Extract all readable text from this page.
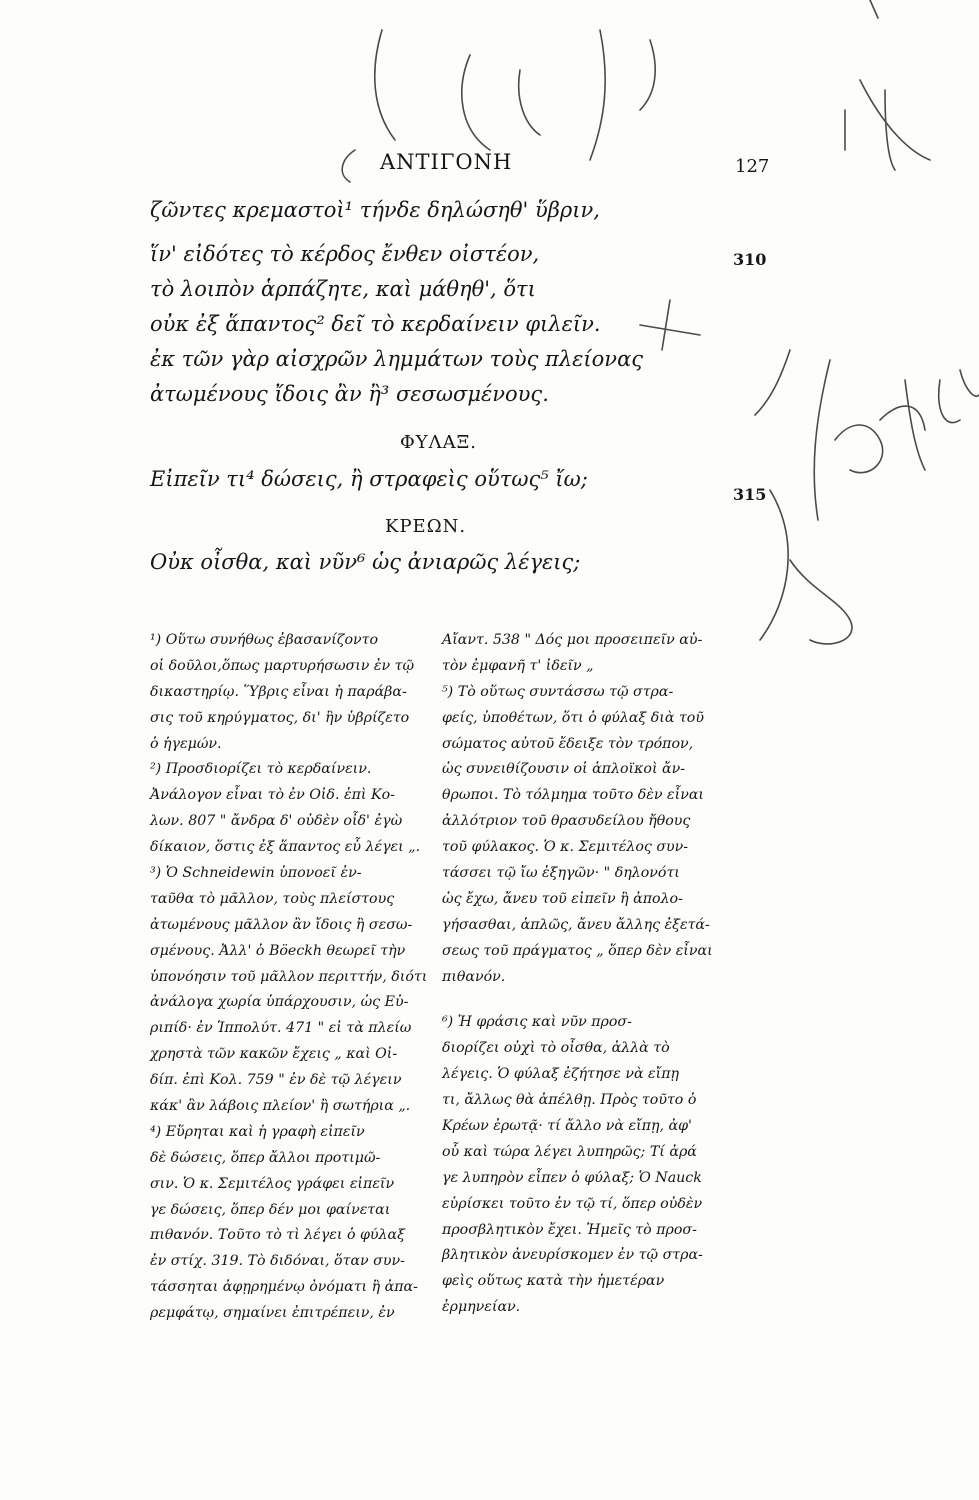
ΑΝΤΙΓΟΝΗ	127
ζῶντες κρεμαστοὶ¹ τήνδε δηλώσηθ' ὕβριν,
ἵν' εἰδότες τὸ κέρδος ἔνθεν οἰστέον,	310
τὸ λοιπὸν ἁρπάζητε, καὶ μάθηθ', ὅτι
οὐκ ἐξ ἅπαντος² δεῖ τὸ κερδαίνειν φιλεῖν.
ἐκ τῶν γὰρ αἰσχρῶν λημμάτων τοὺς πλείονας
ἀτωμένους ἴδοις ἂν ἢ³ σεσωσμένους.
ΦΥΛΑΞ.
Εἰπεῖν τι⁴ δώσεις, ἢ στραφεὶς οὕτως⁵ ἴω;
315
ΚΡΕΩΝ.
Οὐκ οἶσθα, καὶ νῦν⁶ ὡς ἀνιαρῶς λέγεις;
¹) Οὕτω συνήθως ἐβασανίζοντο
οἱ δοῦλοι,ὅπως μαρτυρήσωσιν ἐν τῷ
δικαστηρίῳ. Ὕβρις εἶναι ἡ παράβα-
σις τοῦ κηρύγματος, δι' ἣν ὑβρίζετο
ὁ ἡγεμών.
²) Προσδιορίζει τὸ κερδαίνειν.
Ἀνάλογον εἶναι τὸ ἐν Οἰδ. ἐπὶ Κο-
λων. 807 " ἄνδρα δ' οὐδὲν οἶδ' ἐγὼ
δίκαιον, ὅστις ἐξ ἅπαντος εὖ λέγει „.
³) Ὁ Schneidewin ὑπονοεῖ ἐν-
ταῦθα τὸ μᾶλλον, τοὺς πλείστους
ἀτωμένους μᾶλλον ἂν ἴδοις ἢ σεσω-
σμένους. Ἀλλ' ὁ Böeckh θεωρεῖ τὴν
ὑπονόησιν τοῦ μᾶλλον περιττήν, διότι
ἀνάλογα χωρία ὑπάρχουσιν, ὡς Εὐ-
ριπίδ· ἐν Ἱππολύτ. 471 " εἰ τὰ πλείω
χρηστὰ τῶν κακῶν ἔχεις „ καὶ Οἰ-
δίπ. ἐπὶ Κολ. 759 " ἐν δὲ τῷ λέγειν
κάκ' ἂν λάβοις πλείον' ἢ σωτήρια „.
⁴) Εὕρηται καὶ ἡ γραφὴ εἰπεῖν
δὲ δώσεις, ὅπερ ἄλλοι προτιμῶ-
σιν. Ὁ κ. Σεμιτέλος γράφει εἰπεῖν
γε δώσεις, ὅπερ δέν μοι φαίνεται
πιθανόν. Τοῦτο τὸ τὶ λέγει ὁ φύλαξ
ἐν στίχ. 319. Τὸ διδόναι, ὅταν συν-
τάσσηται ἀφῃρημένῳ ὀνόματι ἢ ἀπα-
ρεμφάτῳ, σημαίνει ἐπιτρέπειν, ἐν
Αἴαντ. 538 " Δός μοι προσειπεῖν αὐ-
τὸν ἐμφανῆ τ' ἰδεῖν „
⁵) Τὸ οὕτως συντάσσω τῷ στρα-
φείς, ὑποθέτων, ὅτι ὁ φύλαξ διὰ τοῦ
σώματος αὐτοῦ ἔδειξε τὸν τρόπον,
ὡς συνειθίζουσιν οἱ ἁπλοϊκοὶ ἄν-
θρωποι. Τὸ τόλμημα τοῦτο δὲν εἶναι
ἀλλότριον τοῦ θρασυδείλου ἤθους
τοῦ φύλακος. Ὁ κ. Σεμιτέλος συν-
τάσσει τῷ ἴω ἐξηγῶν· " δηλονότι
ὡς ἔχω, ἄνευ τοῦ εἰπεῖν ἢ ἀπολο-
γήσασθαι, ἁπλῶς, ἄνευ ἄλλης ἐξετά-
σεως τοῦ πράγματος „ ὅπερ δὲν εἶναι
πιθανόν.
⁶) Ἡ φράσις καὶ νῦν προσ-
διορίζει οὐχὶ τὸ οἶσθα, ἀλλὰ τὸ
λέγεις. Ὁ φύλαξ ἐζήτησε νὰ εἴπῃ
τι, ἄλλως θὰ ἀπέλθῃ. Πρὸς τοῦτο ὁ
Κρέων ἐρωτᾷ· τί ἄλλο νὰ εἴπῃ, ἀφ'
οὗ καὶ τώρα λέγει λυπηρῶς; Τί ἀρά
γε λυπηρὸν εἶπεν ὁ φύλαξ; Ὁ Nauck
εὑρίσκει τοῦτο ἐν τῷ τί, ὅπερ οὐδὲν
προσβλητικὸν ἔχει. Ἡμεῖς τὸ προσ-
βλητικὸν ἀνευρίσκομεν ἐν τῷ στρα-
φεὶς οὕτως κατὰ τὴν ἡμετέραν
ἑρμηνείαν.
